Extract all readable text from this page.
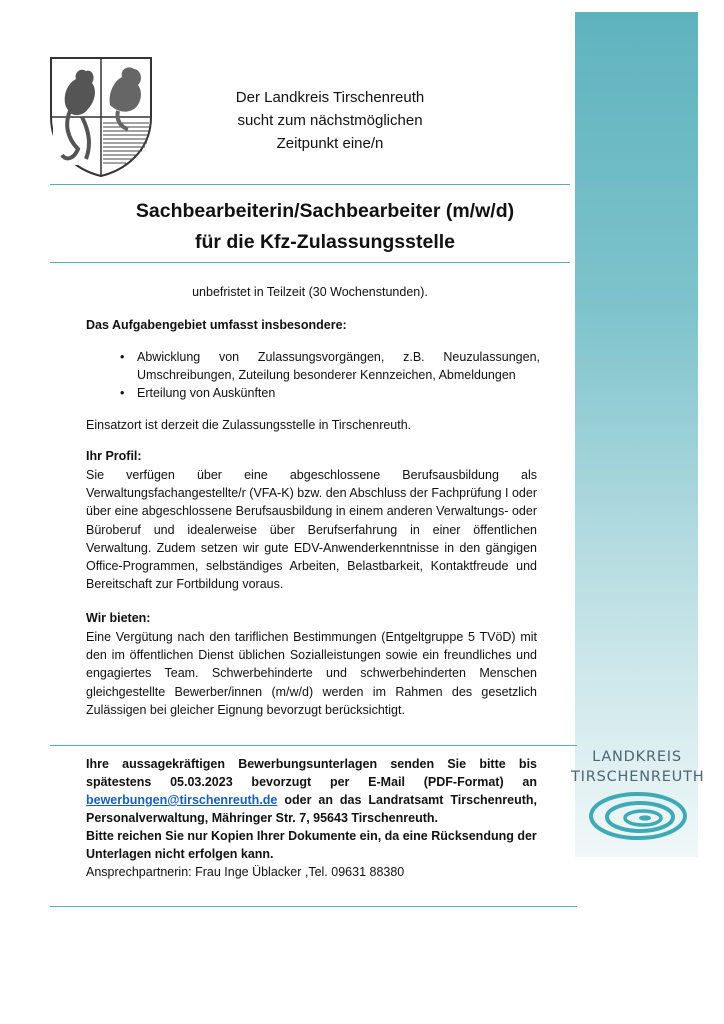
Der Landkreis Tirschenreuth
sucht zum nächstmöglichen
Zeitpunkt eine/n
Sachbearbeiterin/Sachbearbeiter (m/w/d)
für die Kfz-Zulassungsstelle
unbefristet in Teilzeit (30 Wochenstunden).
Das Aufgabengebiet umfasst insbesondere:
• Abwicklung von Zulassungsvorgängen, z.B. Neuzulassungen, Umschreibungen, Zuteilung besonderer Kennzeichen, Abmeldungen
• Erteilung von Auskünften
Einsatzort ist derzeit die Zulassungsstelle in Tirschenreuth.
Ihr Profil:
Sie verfügen über eine abgeschlossene Berufsausbildung als Verwaltungsfachangestellte/r (VFA-K) bzw. den Abschluss der Fachprüfung I oder über eine abgeschlossene Berufsausbildung in einem anderen Verwaltungs- oder Büroberuf und idealerweise über Berufserfahrung in einer öffentlichen Verwaltung. Zudem setzen wir gute EDV-Anwenderkenntnisse in den gängigen Office-Programmen, selbständiges Arbeiten, Belastbarkeit, Kontaktfreude und Bereitschaft zur Fortbildung voraus.
Wir bieten:
Eine Vergütung nach den tariflichen Bestimmungen (Entgeltgruppe 5 TVöD) mit den im öffentlichen Dienst üblichen Sozialleistungen sowie ein freundliches und engagiertes Team. Schwerbehinderte und schwerbehinderten Menschen gleichgestellte Bewerber/innen (m/w/d) werden im Rahmen des gesetzlich Zulässigen bei gleicher Eignung bevorzugt berücksichtigt.
Ihre aussagekräftigen Bewerbungsunterlagen senden Sie bitte bis spätestens 05.03.2023 bevorzugt per E-Mail (PDF-Format) an bewerbungen@tirschenreuth.de oder an das Landratsamt Tirschenreuth, Personalverwaltung, Mähringer Str. 7, 95643 Tirschenreuth.
Bitte reichen Sie nur Kopien Ihrer Dokumente ein, da eine Rücksendung der Unterlagen nicht erfolgen kann.
Ansprechpartnerin: Frau Inge Üblacker ,Tel. 09631 88380
LANDKREIS
TIRSCHENREUTH
